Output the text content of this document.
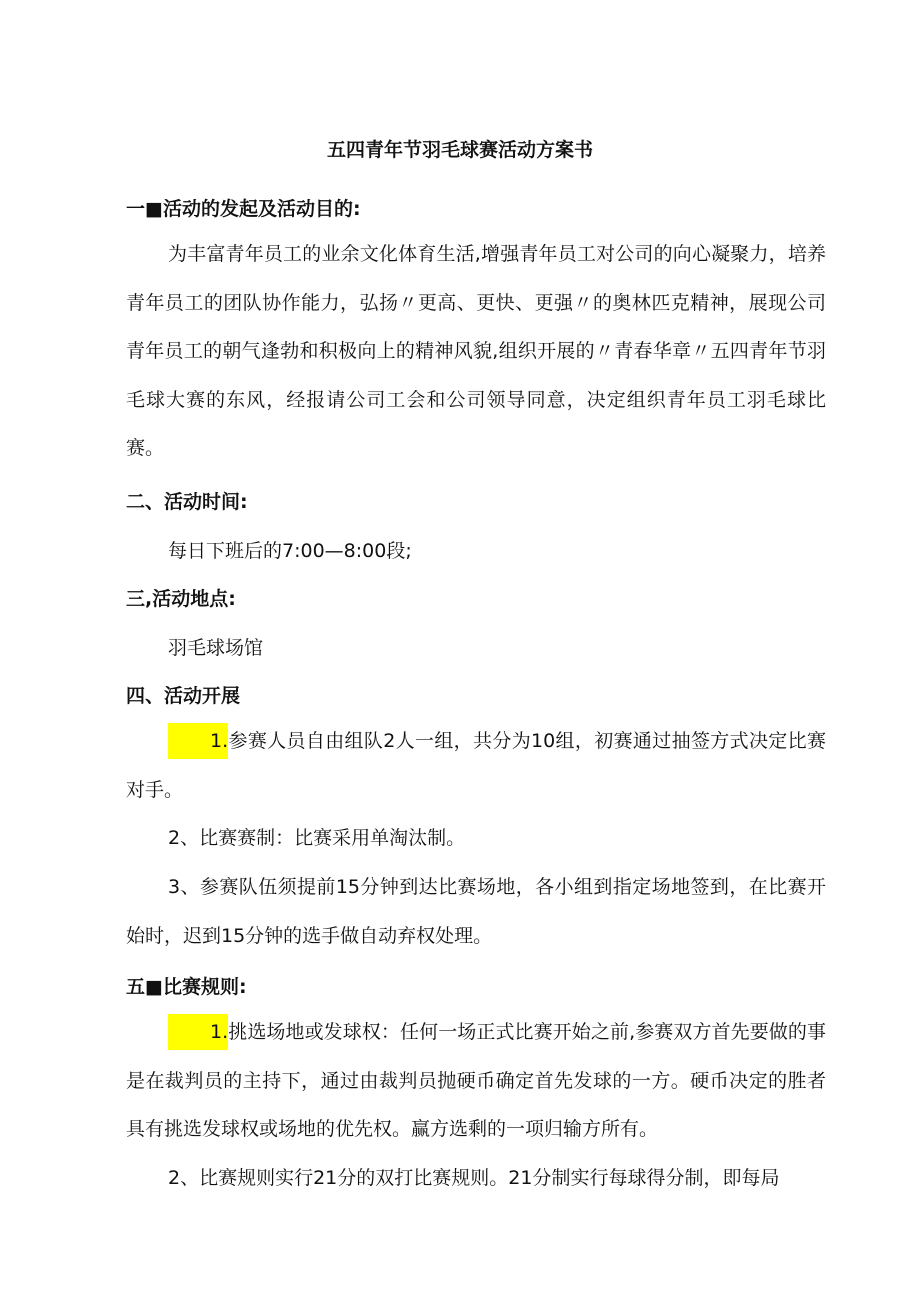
五四青年节羽毛球赛活动方案书
一■活动的发起及活动目的:

为丰富青年员工的业余文化体育生活,增强青年员工对公司的向心凝聚力，培养青年员工的团队协作能力，弘扬〃更高、更快、更强〃的奥林匹克精神，展现公司青年员工的朝气逢勃和积极向上的精神风貌,组织开展的〃青春华章〃五四青年节羽毛球大赛的东风，经报请公司工会和公司领导同意，决定组织青年员工羽毛球比赛。

二、活动时间:
每日下班后的7:00—8:00段;
三,活动地点:
羽毛球场馆
四、活动开展

1.参赛人员自由组队2人一组，共分为10组，初赛通过抽签方式决定比赛对手。

2、比赛赛制：比赛采用单淘汰制。

3、参赛队伍须提前15分钟到达比赛场地，各小组到指定场地签到，在比赛开始时，迟到15分钟的选手做自动弃权处理。

五■比赛规则:

1.挑选场地或发球权：任何一场正式比赛开始之前,参赛双方首先要做的事是在裁判员的主持下，通过由裁判员抛硬币确定首先发球的一方。硬币决定的胜者具有挑选发球权或场地的优先权。赢方选剩的一项归输方所有。

2、比赛规则实行21分的双打比赛规则。21分制实行每球得分制，即每局
